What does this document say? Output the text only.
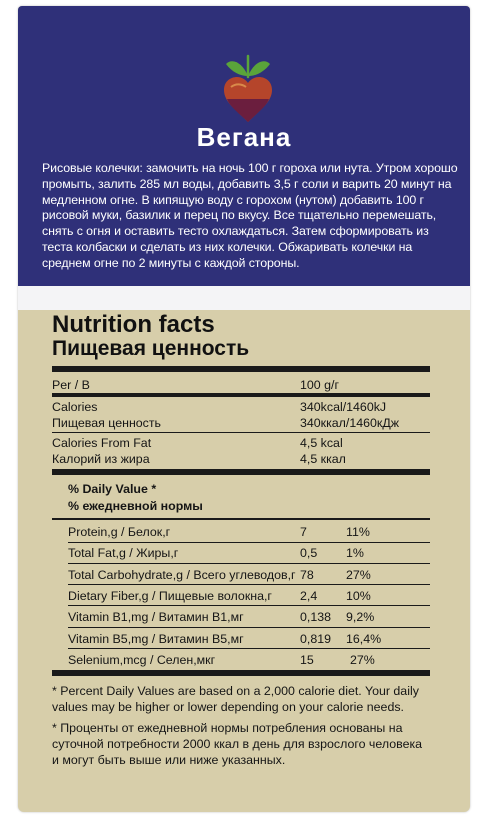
Вегана

Рисовые колечки: замочить на ночь 100 г гороха или нута. Утром хорошо промыть, залить 285 мл воды, добавить 3,5 г соли и варить 20 минут на медленном огне. В кипящую воду с горохом (нутом) добавить 100 г рисовой муки, базилик и перец по вкусу. Все тщательно перемешать, снять с огня и оставить тесто охлаждаться. Затем сформировать из теста колбаски и сделать из них колечки. Обжаривать колечки на среднем огне по 2 минуты с каждой стороны.

Nutrition facts
Пищевая ценность
Per / В	100 g/г
Calories	340kcal/1460kJ
Пищевая ценность	340ккал/1460кДж
Calories From Fat	4,5 kcal
Калорий из жира	4,5 ккал
% Daily Value *
% ежедневной нормы
Protein,g / Белок,г	7	11%
Total Fat,g / Жиры,г	0,5 1%
Total Carbohydrate,g / Всего углеводов,г 78	27%
Dietary Fiber,g / Пищевые волокна,г 2,4 10%
Vitamin B1,mg / Витамин B1,мг	0,138 9,2%
Vitamin B5,mg / Витамин B5,мг	0,819 16,4%
Selenium,mcg / Селен,мкг	15	27%

* Percent Daily Values are based on a 2,000 calorie diet. Your daily values may be higher or lower depending on your calorie needs.

* Проценты от ежедневной нормы потребления основаны на суточной потребности 2000 ккал в день для взрослого человека и могут быть выше или ниже указанных.
